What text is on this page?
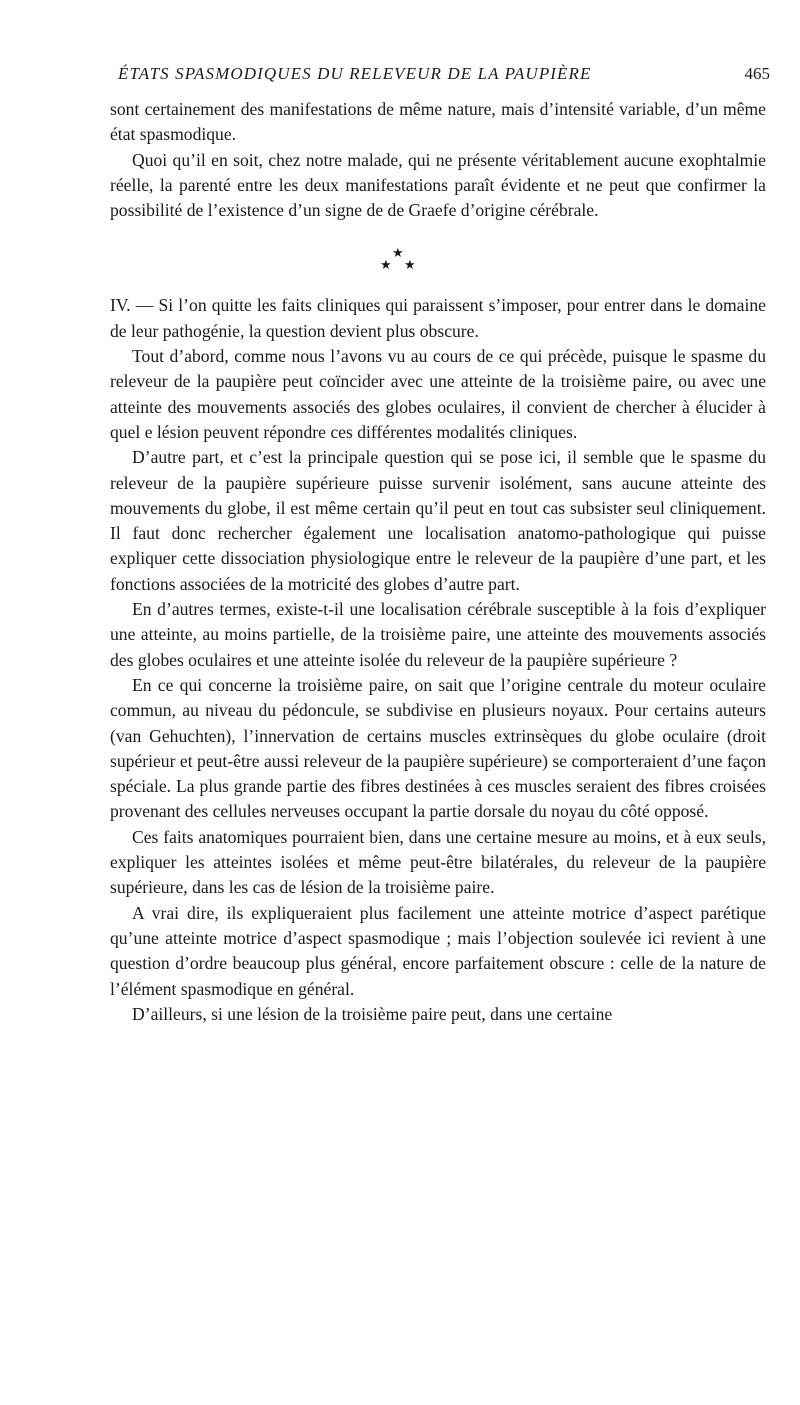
ÉTATS SPASMODIQUES DU RELEVEUR DE LA PAUPIÈRE	465

sont certainement des manifestations de même nature, mais d’intensité variable, d’un même état spasmodique.

Quoi qu’il en soit, chez notre malade, qui ne présente véritablement aucune exophtalmie réelle, la parenté entre les deux manifestations paraît évidente et ne peut que confirmer la possibilité de l’existence d’un signe de de Graefe d’origine cérébrale.

★
★ ★

IV. — Si l’on quitte les faits cliniques qui paraissent s’imposer, pour entrer dans le domaine de leur pathogénie, la question devient plus obscure.

Tout d’abord, comme nous l’avons vu au cours de ce qui précède, puisque le spasme du releveur de la paupière peut coïncider avec une atteinte de la troisième paire, ou avec une atteinte des mouvements associés des globes oculaires, il convient de chercher à élucider à quel e lésion peuvent répondre ces différentes modalités cliniques.

D’autre part, et c’est la principale question qui se pose ici, il semble que le spasme du releveur de la paupière supérieure puisse survenir isolément, sans aucune atteinte des mouvements du globe, il est même certain qu’il peut en tout cas subsister seul cliniquement. Il faut donc rechercher également une localisation anatomo-pathologique qui puisse expliquer cette dissociation physiologique entre le releveur de la paupière d’une part, et les fonctions associées de la motricité des globes d’autre part.

En d’autres termes, existe-t-il une localisation cérébrale susceptible à la fois d’expliquer une atteinte, au moins partielle, de la troisième paire, une atteinte des mouvements associés des globes oculaires et une atteinte isolée du releveur de la paupière supérieure ?

En ce qui concerne la troisième paire, on sait que l’origine centrale du moteur oculaire commun, au niveau du pédoncule, se subdivise en plusieurs noyaux. Pour certains auteurs (van Gehuchten), l’innervation de certains muscles extrinsèques du globe oculaire (droit supérieur et peut-être aussi releveur de la paupière supérieure) se comporteraient d’une façon spéciale. La plus grande partie des fibres destinées à ces muscles seraient des fibres croisées provenant des cellules nerveuses occupant la partie dorsale du noyau du côté opposé.

Ces faits anatomiques pourraient bien, dans une certaine mesure au moins, et à eux seuls, expliquer les atteintes isolées et même peut-être bilatérales, du releveur de la paupière supérieure, dans les cas de lésion de la troisième paire.

A vrai dire, ils expliqueraient plus facilement une atteinte motrice d’aspect parétique qu’une atteinte motrice d’aspect spasmodique ; mais l’objection soulevée ici revient à une question d’ordre beaucoup plus général, encore parfaitement obscure : celle de la nature de l’élément spasmodique en général.

D’ailleurs, si une lésion de la troisième paire peut, dans une certaine
